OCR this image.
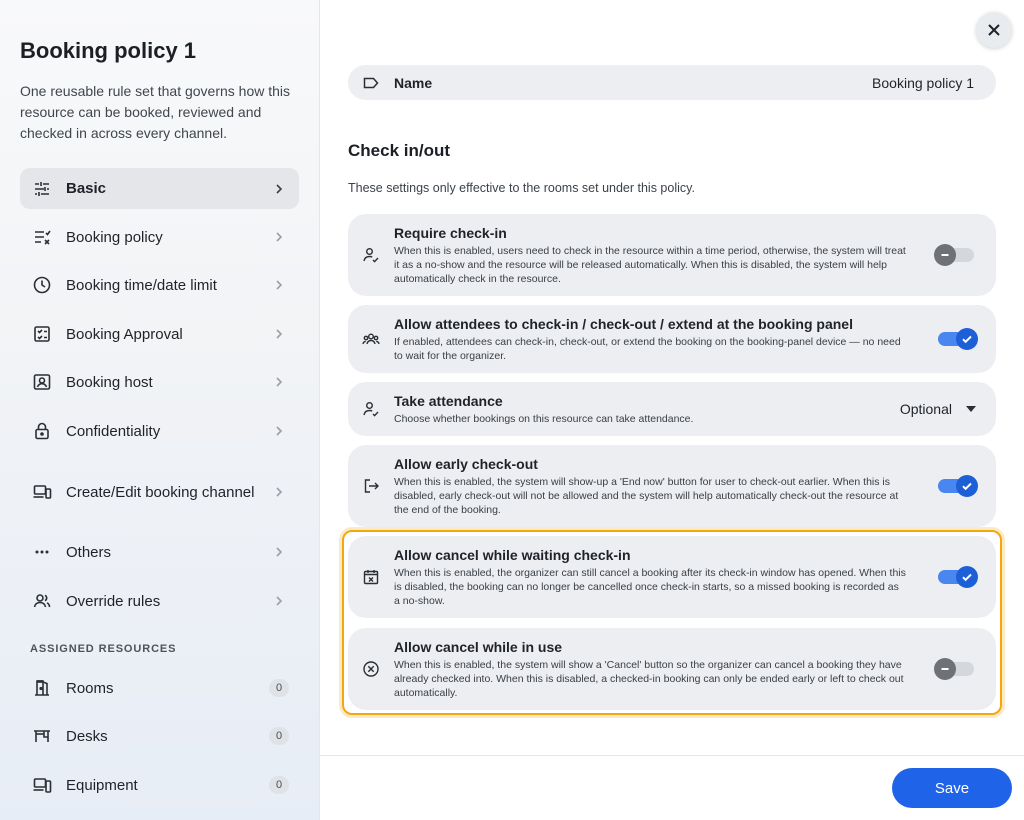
Booking policy 1

One reusable rule set that governs how this resource can be booked, reviewed and checked in across every channel.

Basic
Booking policy
Booking time/date limit
Booking Approval
Booking host
Confidentiality
Create/Edit booking channel
Others
Override rules
ASSIGNED RESOURCES
Rooms	0
Desks	0
Equipment	0
Name	Booking policy 1
Check in/out

These settings only effective to the rooms set under this policy.

Require check-in
When this is enabled, users need to check in the resource within a time period, otherwise, the system will treat it as a no-show and the resource will be released automatically. When this is disabled, the system will help automatically check in the resource.
Allow attendees to check-in / check-out / extend at the booking panel
If enabled, attendees can check-in, check-out, or extend the booking on the booking-panel device — no need to wait for the organizer.
Take attendance
Choose whether bookings on this resource can take attendance.
Optional
Allow early check-out
When this is enabled, the system will show-up a 'End now' button for user to check-out earlier. When this is disabled, early check-out will not be allowed and the system will help automatically check-out the resource at the end of the booking.
Allow cancel while waiting check-in
When this is enabled, the organizer can still cancel a booking after its check-in window has opened. When this is disabled, the booking can no longer be cancelled once check-in starts, so a missed booking is recorded as a no-show.
Allow cancel while in use
When this is enabled, the system will show a 'Cancel' button so the organizer can cancel a booking they have already checked into. When this is disabled, a checked-in booking can only be ended early or left to check out automatically.
Save
